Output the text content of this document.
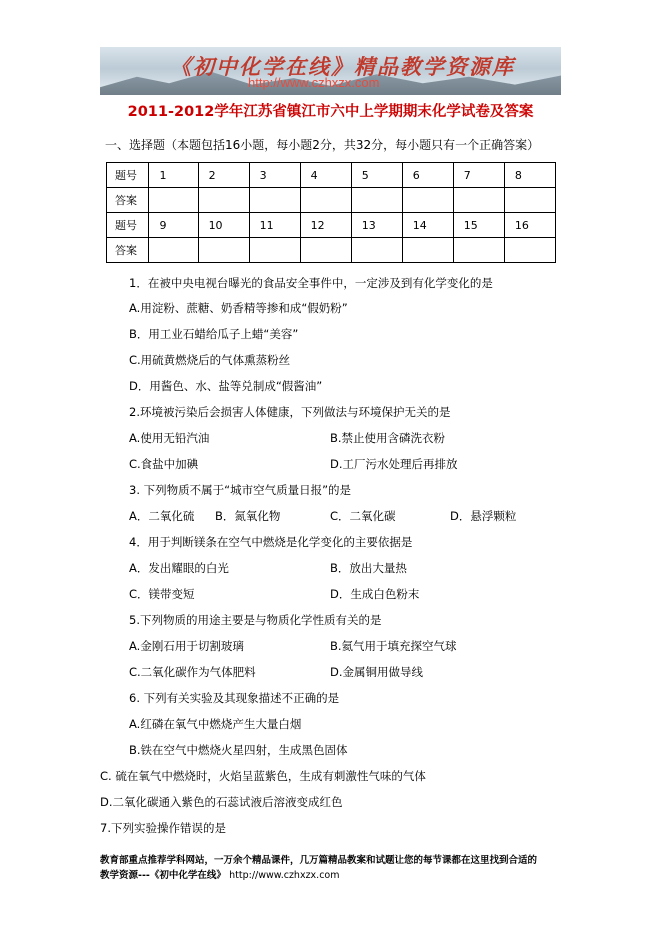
《初中化学在线》精品教学资源库
http://www.czhxzx.com
2011-2012学年江苏省镇江市六中上学期期末化学试卷及答案
一、选择题（本题包括16小题，每小题2分，共32分，每小题只有一个正确答案）
题号	1	2	3	4	5	6	7	8
答案								
题号	9	10	11	12	13	14	15	16
答案								
1．在被中央电视台曝光的食品安全事件中，一定涉及到有化学变化的是
A.用淀粉、蔗糖、奶香精等掺和成“假奶粉”
B．用工业石蜡给瓜子上蜡“美容”
C.用硫黄燃烧后的气体熏蒸粉丝
D．用酱色、水、盐等兑制成“假酱油”
2.环境被污染后会损害人体健康，下列做法与环境保护无关的是
A.使用无铅汽油	B.禁止使用含磷洗衣粉
C.食盐中加碘	D.工厂污水处理后再排放
3. 下列物质不属于“城市空气质量日报”的是
A．二氧化硫 B．氮氧化物	C．二氧化碳	D．悬浮颗粒
4．用于判断镁条在空气中燃烧是化学变化的主要依据是
A．发出耀眼的白光	B．放出大量热
C．镁带变短	D．生成白色粉末
5.下列物质的用途主要是与物质化学性质有关的是
A.金刚石用于切割玻璃	B.氦气用于填充探空气球
C.二氧化碳作为气体肥料	D.金属铜用做导线
6. 下列有关实验及其现象描述不正确的是
A.红磷在氧气中燃烧产生大量白烟
B.铁在空气中燃烧火星四射，生成黑色固体
C. 硫在氧气中燃烧时，火焰呈蓝紫色，生成有刺激性气味的气体
D.二氧化碳通入紫色的石蕊试液后溶液变成红色
7.下列实验操作错误的是
教育部重点推荐学科网站，一万余个精品课件，几万篇精品教案和试题让您的每节课都在这里找到合适的
教学资源---《初中化学在线》 http://www.czhxzx.com
